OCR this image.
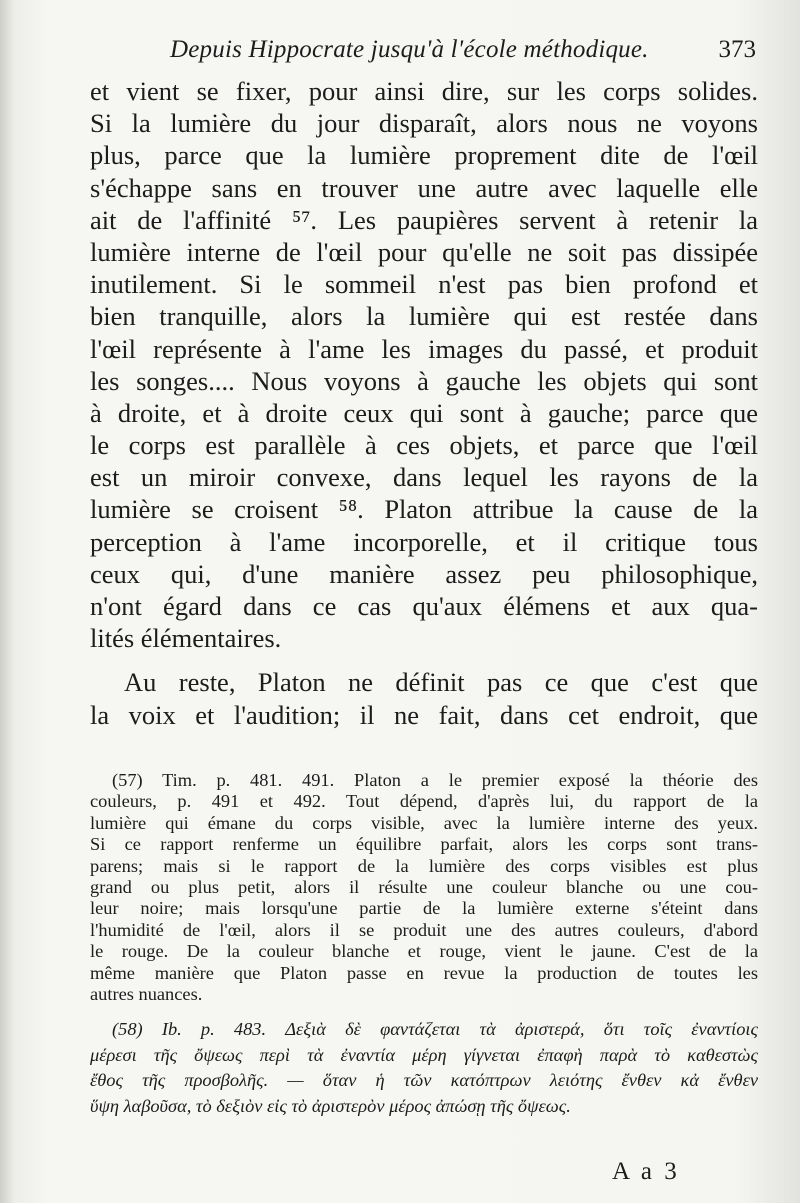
Depuis Hippocrate jusqu'à l'école méthodique.	373
et vient se fixer, pour ainsi dire, sur les corps solides.
Si la lumière du jour disparaît, alors nous ne voyons
plus, parce que la lumière proprement dite de l'œil
s'échappe sans en trouver une autre avec laquelle elle
ait de l'affinité ⁵⁷. Les paupières servent à retenir la
lumière interne de l'œil pour qu'elle ne soit pas dissipée
inutilement. Si le sommeil n'est pas bien profond et
bien tranquille, alors la lumière qui est restée dans
l'œil représente à l'ame les images du passé, et produit
les songes.... Nous voyons à gauche les objets qui sont
à droite, et à droite ceux qui sont à gauche; parce que
le corps est parallèle à ces objets, et parce que l'œil
est un miroir convexe, dans lequel les rayons de la
lumière se croisent ⁵⁸. Platon attribue la cause de la
perception à l'ame incorporelle, et il critique tous
ceux qui, d'une manière assez peu philosophique,
n'ont égard dans ce cas qu'aux élémens et aux qua-
lités élémentaires.
Au reste, Platon ne définit pas ce que c'est que
la voix et l'audition; il ne fait, dans cet endroit, que
(57) Tim. p. 481. 491. Platon a le premier exposé la théorie des
couleurs, p. 491 et 492. Tout dépend, d'après lui, du rapport de la
lumière qui émane du corps visible, avec la lumière interne des yeux.
Si ce rapport renferme un équilibre parfait, alors les corps sont trans-
parens; mais si le rapport de la lumière des corps visibles est plus
grand ou plus petit, alors il résulte une couleur blanche ou une cou-
leur noire; mais lorsqu'une partie de la lumière externe s'éteint dans
l'humidité de l'œil, alors il se produit une des autres couleurs, d'abord
le rouge. De la couleur blanche et rouge, vient le jaune. C'est de la
même manière que Platon passe en revue la production de toutes les
autres nuances.
(58) Ib. p. 483. Δεξιὰ δὲ φαντάζεται τὰ ἀριστερά, ὅτι τοῖς ἐναντίοις
μέρεσι τῆς ὄψεως περὶ τὰ ἐναντία μέρη γίγνεται ἐπαφὴ παρὰ τὸ καθεστὼς
ἔθος τῆς προσβολῆς. — ὅταν ἡ τῶν κατόπτρων λειότης ἔνθεν κἀ ἔνθεν
ὕψη λαβοῦσα, τὸ δεξιὸν εἰς τὸ ἀριστερὸν μέρος ἀπώσῃ τῆς ὄψεως.
A a 3
